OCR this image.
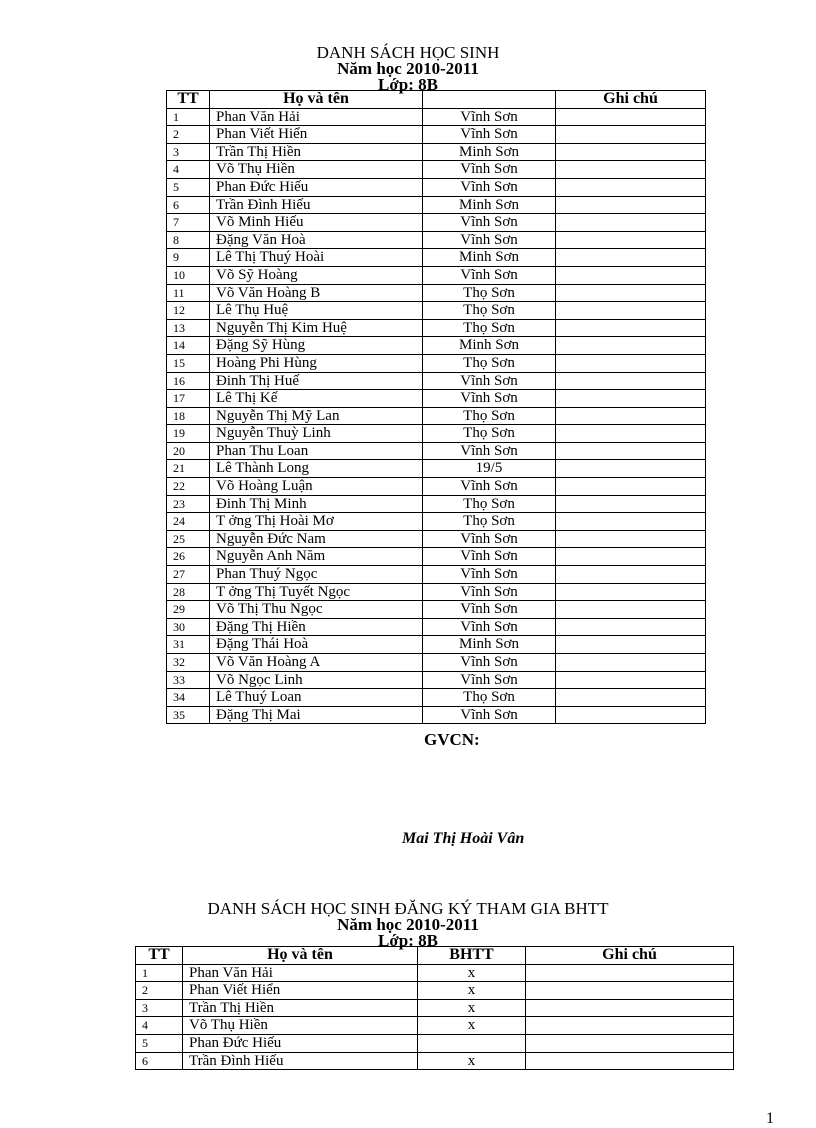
DANH SÁCH HỌC SINH
Năm học 2010-2011
Lớp: 8B
TT	Họ và tên		Ghi chú
1	Phan Văn Hải	Vĩnh Sơn	
2	Phan Viết Hiển	Vĩnh Sơn	
3	Trần Thị Hiền	Minh Sơn	
4	Võ Thụ Hiền	Vĩnh Sơn	
5	Phan Đức Hiếu	Vĩnh Sơn	
6	Trần Đình Hiếu	Minh Sơn	
7	Võ Minh Hiếu	Vĩnh Sơn	
8	Đặng Văn Hoà	Vĩnh Sơn	
9	Lê Thị Thuý Hoài	Minh Sơn	
10	Võ Sỹ Hoàng	Vĩnh Sơn	
11	Võ Văn Hoàng B	Thọ Sơn	
12	Lê Thụ Huệ	Thọ Sơn	
13	Nguyễn Thị Kim Huệ	Thọ Sơn	
14	Đặng Sỹ Hùng	Minh Sơn	
15	Hoàng Phi Hùng	Thọ Sơn	
16	Đinh Thị Huế	Vĩnh Sơn	
17	Lê Thị Kế	Vĩnh Sơn	
18	Nguyễn Thị Mỹ Lan	Thọ Sơn	
19	Nguyễn Thuỳ Linh	Thọ Sơn	
20	Phan Thu Loan	Vĩnh Sơn	
21	Lê Thành Long	19/5	
22	Võ Hoàng Luận	Vĩnh Sơn	
23	Đinh Thị Minh	Thọ Sơn	
24	T ởng Thị Hoài Mơ	Thọ Sơn	
25	Nguyễn Đức Nam	Vĩnh Sơn	
26	Nguyễn Anh Năm	Vĩnh Sơn	
27	Phan Thuý Ngọc	Vĩnh Sơn	
28	T ởng Thị Tuyết Ngọc	Vĩnh Sơn	
29	Võ Thị Thu Ngọc	Vĩnh Sơn	
30	Đặng Thị Hiền	Vĩnh Sơn	
31	Đặng Thái Hoà	Minh Sơn	
32	Võ Văn Hoàng A	Vĩnh Sơn	
33	Võ Ngọc Linh	Vĩnh Sơn	
34	Lê Thuý Loan	Thọ Sơn	
35	Đặng Thị Mai	Vĩnh Sơn	
GVCN:
Mai Thị Hoài Vân
DANH SÁCH HỌC SINH ĐĂNG KÝ THAM GIA BHTT
Năm học 2010-2011
Lớp: 8B
TT	Họ và tên	BHTT	Ghi chú
1	Phan Văn Hải	x	
2	Phan Viết Hiển	x	
3	Trần Thị Hiền	x	
4	Võ Thụ Hiền	x	
5	Phan Đức Hiếu		
6	Trần Đình Hiếu	x	
1
